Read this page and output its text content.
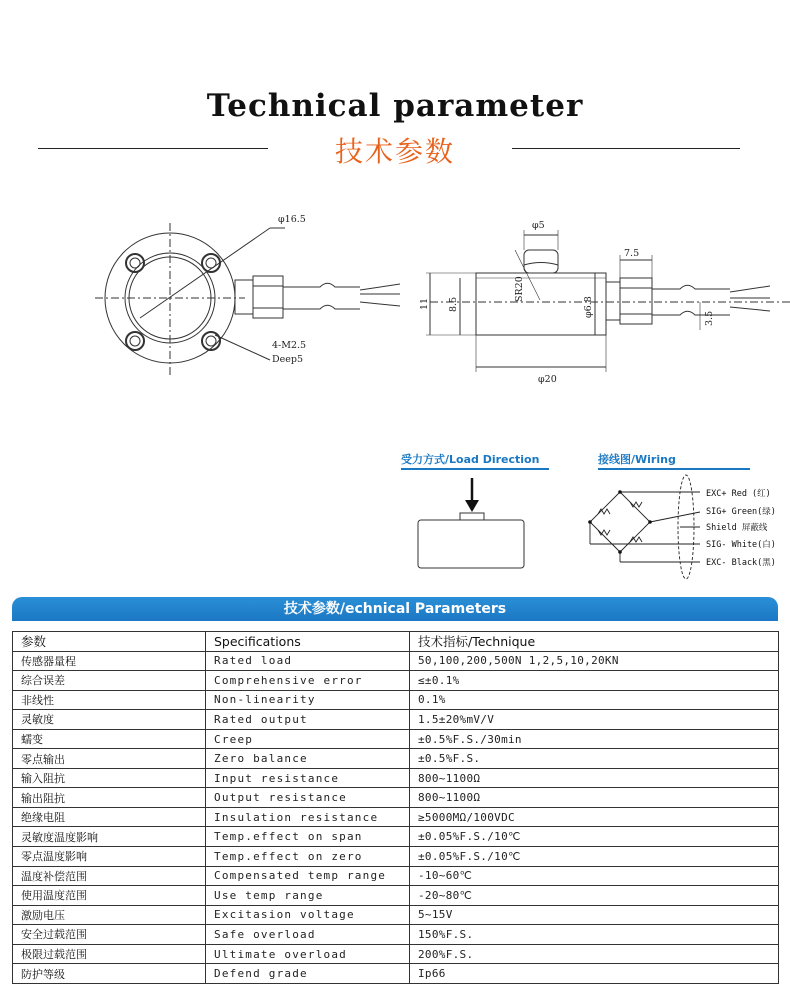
Technical parameter
技术参数
φ16.5
4-M2.5
Deep5
φ5
7.5
φ20
11 8.5
SR20
φ6.8
3.5
受力方式/Load Direction	接线图/Wiring
EXC+ Red (红)
SIG+ Green(绿)
Shield 屏蔽线
SIG- White(白)
EXC- Black(黑)
技术参数/echnical Parameters
参数	Specifications	技术指标/Technique
传感器量程	Rated load	50,100,200,500N 1,2,5,10,20KN
综合误差	Comprehensive error	≤±0.1%
非线性	Non-linearity	0.1%
灵敏度	Rated output	1.5±20%mV/V
蠕变	Creep	±0.5%F.S./30min
零点输出	Zero balance	±0.5%F.S.
输入阻抗	Input resistance	800~1100Ω
输出阻抗	Output resistance	800~1100Ω
绝缘电阻	Insulation resistance	≥5000MΩ/100VDC
灵敏度温度影响	Temp.effect on span	±0.05%F.S./10℃
零点温度影响	Temp.effect on zero	±0.05%F.S./10℃
温度补偿范围	Compensated temp range	-10~60℃
使用温度范围	Use temp range	-20~80℃
激励电压	Excitasion voltage	5~15V
安全过载范围	Safe overload	150%F.S.
极限过载范围	Ultimate overload	200%F.S.
防护等级	Defend grade	Ip66
